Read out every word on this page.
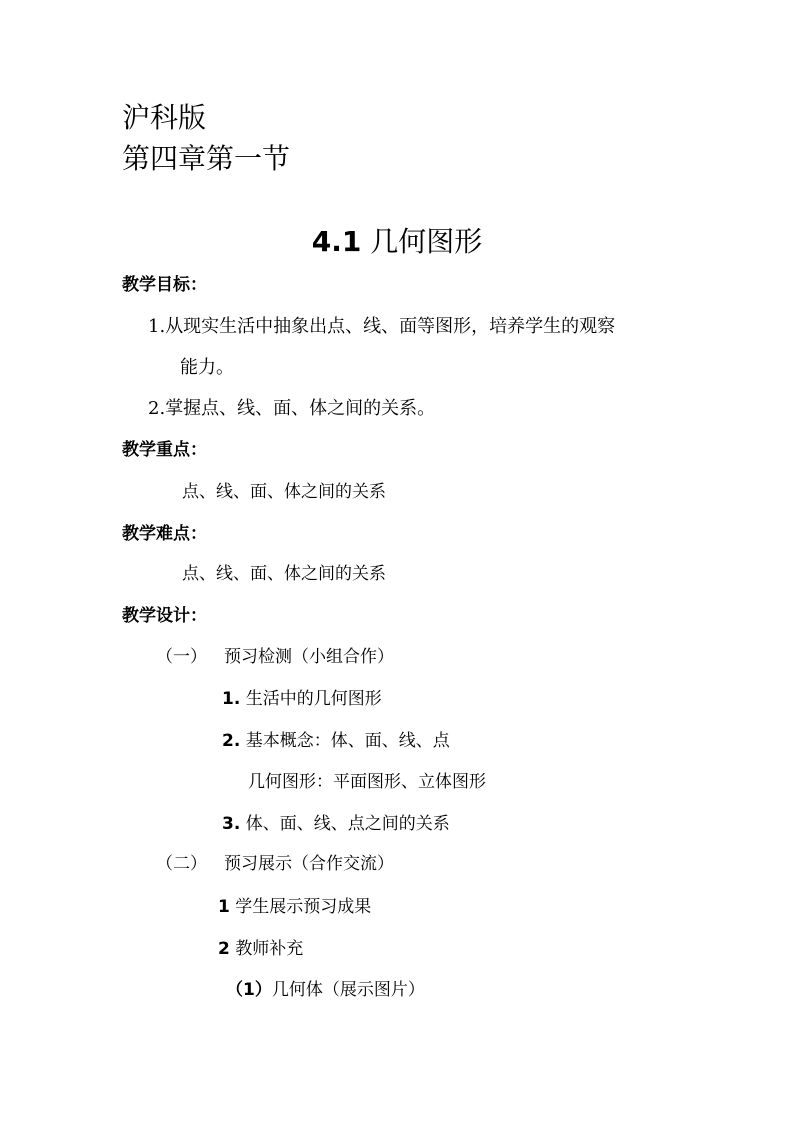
沪科版
第四章第一节
4.1 几何图形
教学目标：
1.从现实生活中抽象出点、线、面等图形，培养学生的观察
能力。
2.掌握点、线、面、体之间的关系。
教学重点：
点、线、面、体之间的关系
教学难点：
点、线、面、体之间的关系
教学设计：
（一） 预习检测（小组合作）
1. 生活中的几何图形
2. 基本概念：体、面、线、点
几何图形：平面图形、立体图形
3. 体、面、线、点之间的关系
（二） 预习展示（合作交流）
1 学生展示预习成果
2 教师补充
（1）几何体（展示图片）
